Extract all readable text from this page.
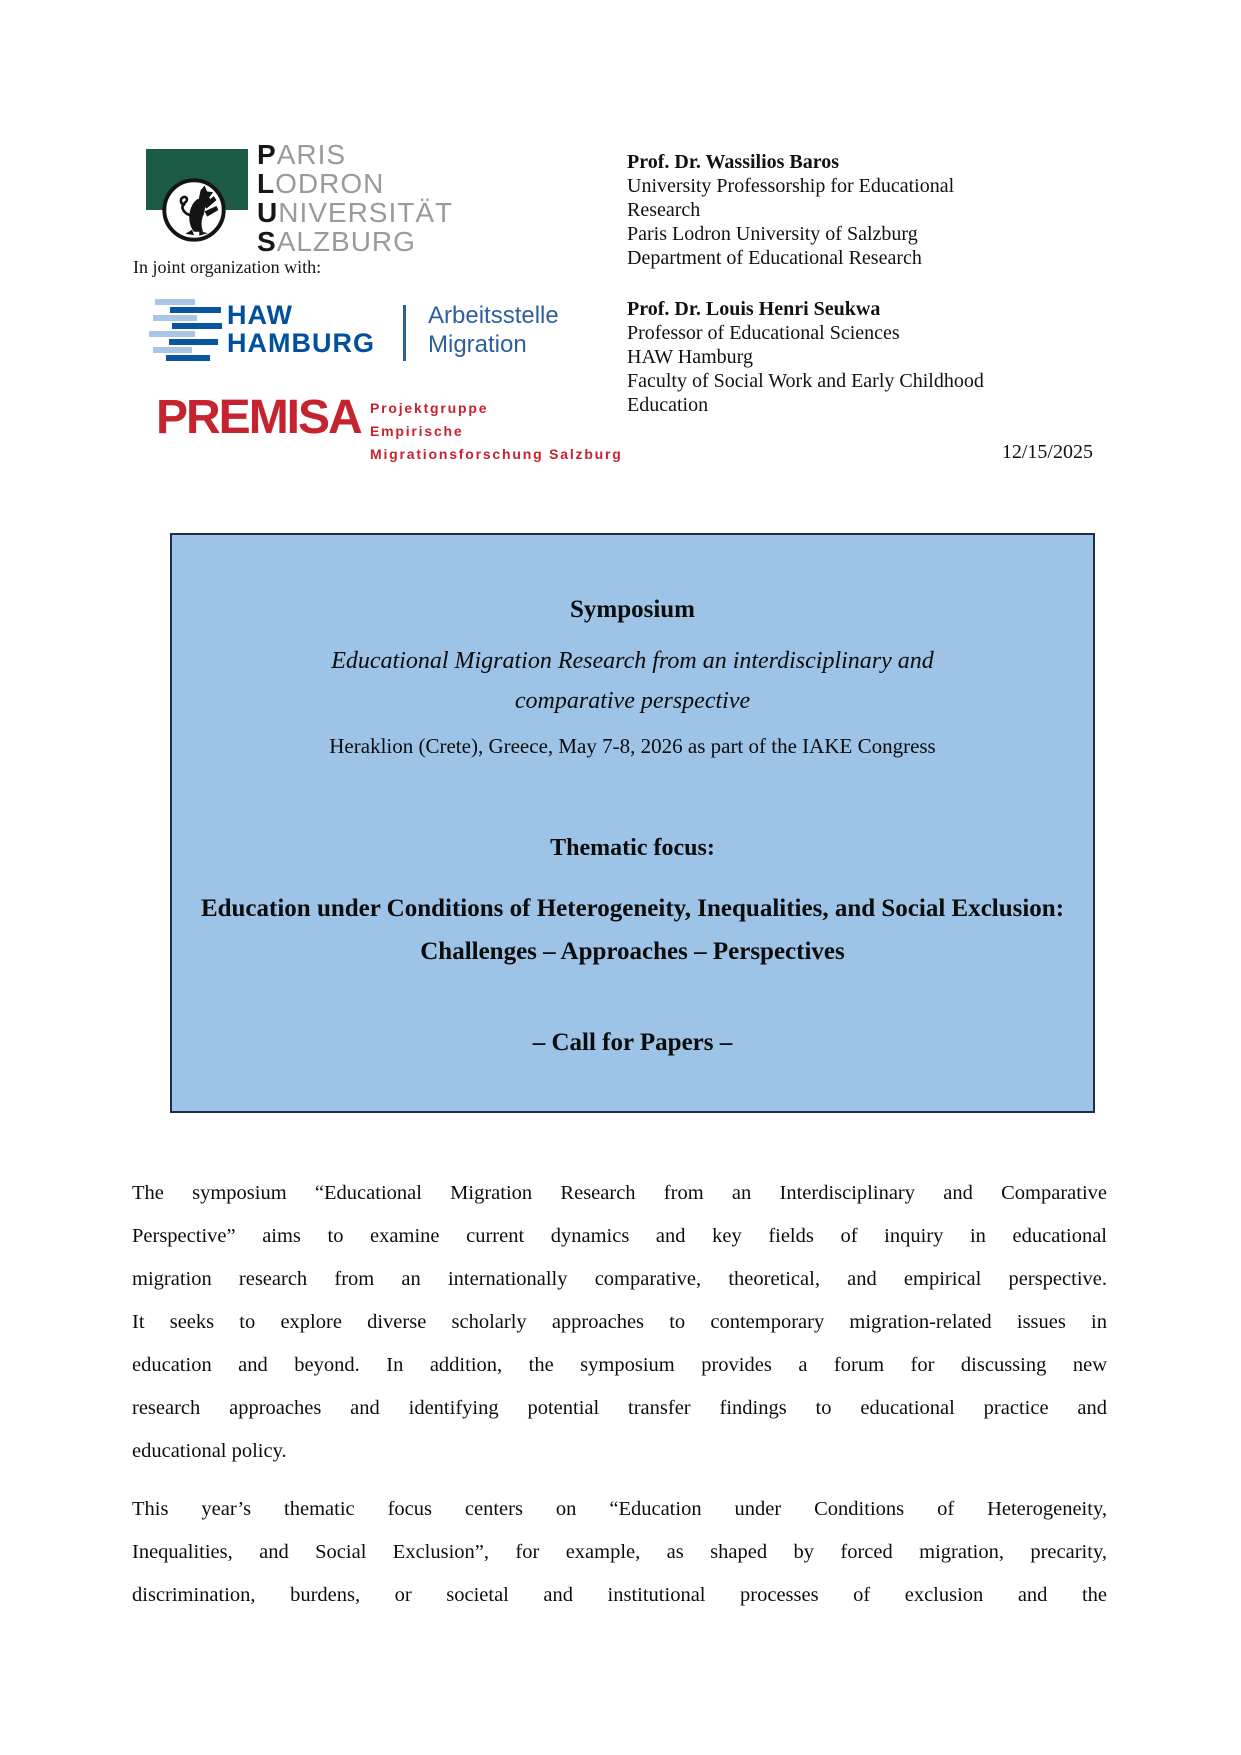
PARIS
LODRON
UNIVERSITÄT
SALZBURG
In joint organization with:
HAW
HAMBURG
Arbeitsstelle
Migration
PREMISA Projektgruppe
Empirische Migrationsforschung Salzburg
Prof. Dr. Wassilios Baros
University Professorship for Educational
Research
Paris Lodron University of Salzburg
Department of Educational Research
Prof. Dr. Louis Henri Seukwa
Professor of Educational Sciences
HAW Hamburg
Faculty of Social Work and Early Childhood
Education
12/15/2025
Symposium
Educational Migration Research from an interdisciplinary and comparative perspective
Heraklion (Crete), Greece, May 7-8, 2026 as part of the IAKE Congress
Thematic focus:
Education under Conditions of Heterogeneity, Inequalities, and Social Exclusion: Challenges – Approaches – Perspectives
– Call for Papers –
The symposium “Educational Migration Research from an Interdisciplinary and Comparative
Perspective” aims to examine current dynamics and key fields of inquiry in educational
migration research from an internationally comparative, theoretical, and empirical perspective.
It seeks to explore diverse scholarly approaches to contemporary migration-related issues in
education and beyond. In addition, the symposium provides a forum for discussing new
research approaches and identifying potential transfer findings to educational practice and
educational policy.
This year’s thematic focus centers on “Education under Conditions of Heterogeneity,
Inequalities, and Social Exclusion”, for example, as shaped by forced migration, precarity,
discrimination, burdens, or societal and institutional processes of exclusion and the
